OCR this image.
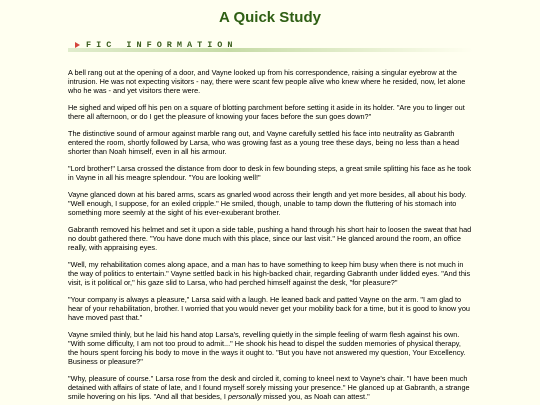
A Quick Study
FIC INFORMATION

A bell rang out at the opening of a door, and Vayne looked up from his correspondence, raising a singular eyebrow at the intrusion. He was not expecting visitors - nay, there were scant few people alive who knew where he resided, now, let alone who he was - and yet visitors there were.

He sighed and wiped off his pen on a square of blotting parchment before setting it aside in its holder. "Are you to linger out there all afternoon, or do I get the pleasure of knowing your faces before the sun goes down?"

The distinctive sound of armour against marble rang out, and Vayne carefully settled his face into neutrality as Gabranth entered the room, shortly followed by Larsa, who was growing fast as a young tree these days, being no less than a head shorter than Noah himself, even in all his armour.

"Lord brother!" Larsa crossed the distance from door to desk in few bounding steps, a great smile splitting his face as he took in Vayne in all his meagre splendour. "You are looking well!"

Vayne glanced down at his bared arms, scars as gnarled wood across their length and yet more besides, all about his body. "Well enough, I suppose, for an exiled cripple." He smiled, though, unable to tamp down the fluttering of his stomach into something more seemly at the sight of his ever-exuberant brother.

Gabranth removed his helmet and set it upon a side table, pushing a hand through his short hair to loosen the sweat that had no doubt gathered there. "You have done much with this place, since our last visit." He glanced around the room, an office really, with appraising eyes.

"Well, my rehabilitation comes along apace, and a man has to have something to keep him busy when there is not much in the way of politics to entertain." Vayne settled back in his high-backed chair, regarding Gabranth under lidded eyes. "And this visit, is it political or," his gaze slid to Larsa, who had perched himself against the desk, "for pleasure?"

"Your company is always a pleasure," Larsa said with a laugh. He leaned back and patted Vayne on the arm. "I am glad to hear of your rehabilitation, brother. I worried that you would never get your mobility back for a time, but it is good to know you have moved past that."

Vayne smiled thinly, but he laid his hand atop Larsa's, revelling quietly in the simple feeling of warm flesh against his own. "With some difficulty, I am not too proud to admit..." He shook his head to dispel the sudden memories of physical therapy, the hours spent forcing his body to move in the ways it ought to. "But you have not answered my question, Your Excellency. Business or pleasure?"

"Why, pleasure of course." Larsa rose from the desk and circled it, coming to kneel next to Vayne's chair. "I have been much detained with affairs of state of late, and I found myself sorely missing your presence." He glanced up at Gabranth, a strange smile hovering on his lips. "And all that besides, I personally missed you, as Noah can attest."
